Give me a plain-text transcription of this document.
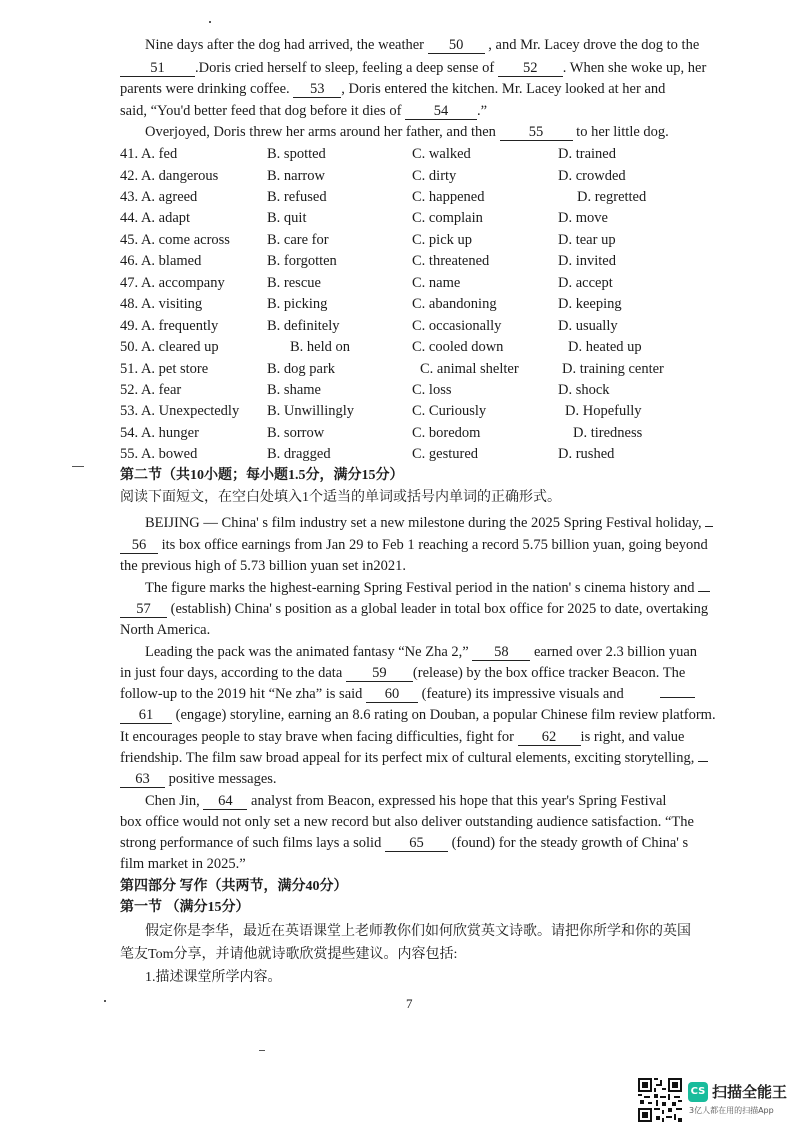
Nine days after the dog had arrived, the weather 50 , and Mr. Lacey drove the dog to the
51 .Doris cried herself to sleep, feeling a deep sense of 52 . When she woke up, her
parents were drinking coffee. 53 , Doris entered the kitchen. Mr. Lacey looked at her and
said, “You'd better feed that dog before it dies of 54 .”
Overjoyed, Doris threw her arms around her father, and then 55 to her little dog.
41. A. fed	B. spotted	C. walked	D. trained
42. A. dangerous	B. narrow	C. dirty	D. crowded
43. A. agreed	B. refused	C. happened	D. regretted
44. A. adapt	B. quit	C. complain	D. move
45. A. come across	B. care for	C. pick up	D. tear up
46. A. blamed	B. forgotten	C. threatened	D. invited
47. A. accompany	B. rescue	C. name	D. accept
48. A. visiting	B. picking	C. abandoning	D. keeping
49. A. frequently	B. definitely	C. occasionally	D. usually
50. A. cleared up	B. held on	C. cooled down	D. heated up
51. A. pet store	B. dog park	C. animal shelter	D. training center
52. A. fear	B. shame	C. loss	D. shock
53. A. Unexpectedly B. Unwillingly	C. Curiously	D. Hopefully
54. A. hunger	B. sorrow	C. boredom	D. tiredness
55. A. bowed	B. dragged	C. gestured	D. rushed
第二节（共10小题；每小题1.5分，满分15分）
阅读下面短文，在空白处填入1个适当的单词或括号内单词的正确形式。
BEIJING — China' s film industry set a new milestone during the 2025 Spring Festival holiday,
56 its box office earnings from Jan 29 to Feb 1 reaching a record 5.75 billion yuan, going beyond
the previous high of 5.73 billion yuan set in2021.
The figure marks the highest-earning Spring Festival period in the nation' s cinema history and
57 (establish) China' s position as a global leader in total box office for 2025 to date, overtaking
North America.
Leading the pack was the animated fantasy “Ne Zha 2,” 58 earned over 2.3 billion yuan
in just four days, according to the data 59 (release) by the box office tracker Beacon. The
follow-up to the 2019 hit “Ne zha” is said 60 (feature) its impressive visuals and
61 (engage) storyline, earning an 8.6 rating on Douban, a popular Chinese film review platform.
It encourages people to stay brave when facing difficulties, fight for 62 is right, and value
friendship. The film saw broad appeal for its perfect mix of cultural elements, exciting storytelling,
63 positive messages.
Chen Jin, 64 analyst from Beacon, expressed his hope that this year's Spring Festival
box office would not only set a new record but also deliver outstanding audience satisfaction. “The
strong performance of such films lays a solid 65 (found) for the steady growth of China' s
film market in 2025.”
第四部分 写作（共两节，满分40分）
第一节 （满分15分）
假定你是李华，最近在英语课堂上老师教你们如何欣赏英文诗歌。请把你所学和你的英国
笔友Tom分享，并请他就诗歌欣赏提些建议。内容包括:
1.描述课堂所学内容。
7
CS 扫描全能王
3亿人都在用的扫描App
